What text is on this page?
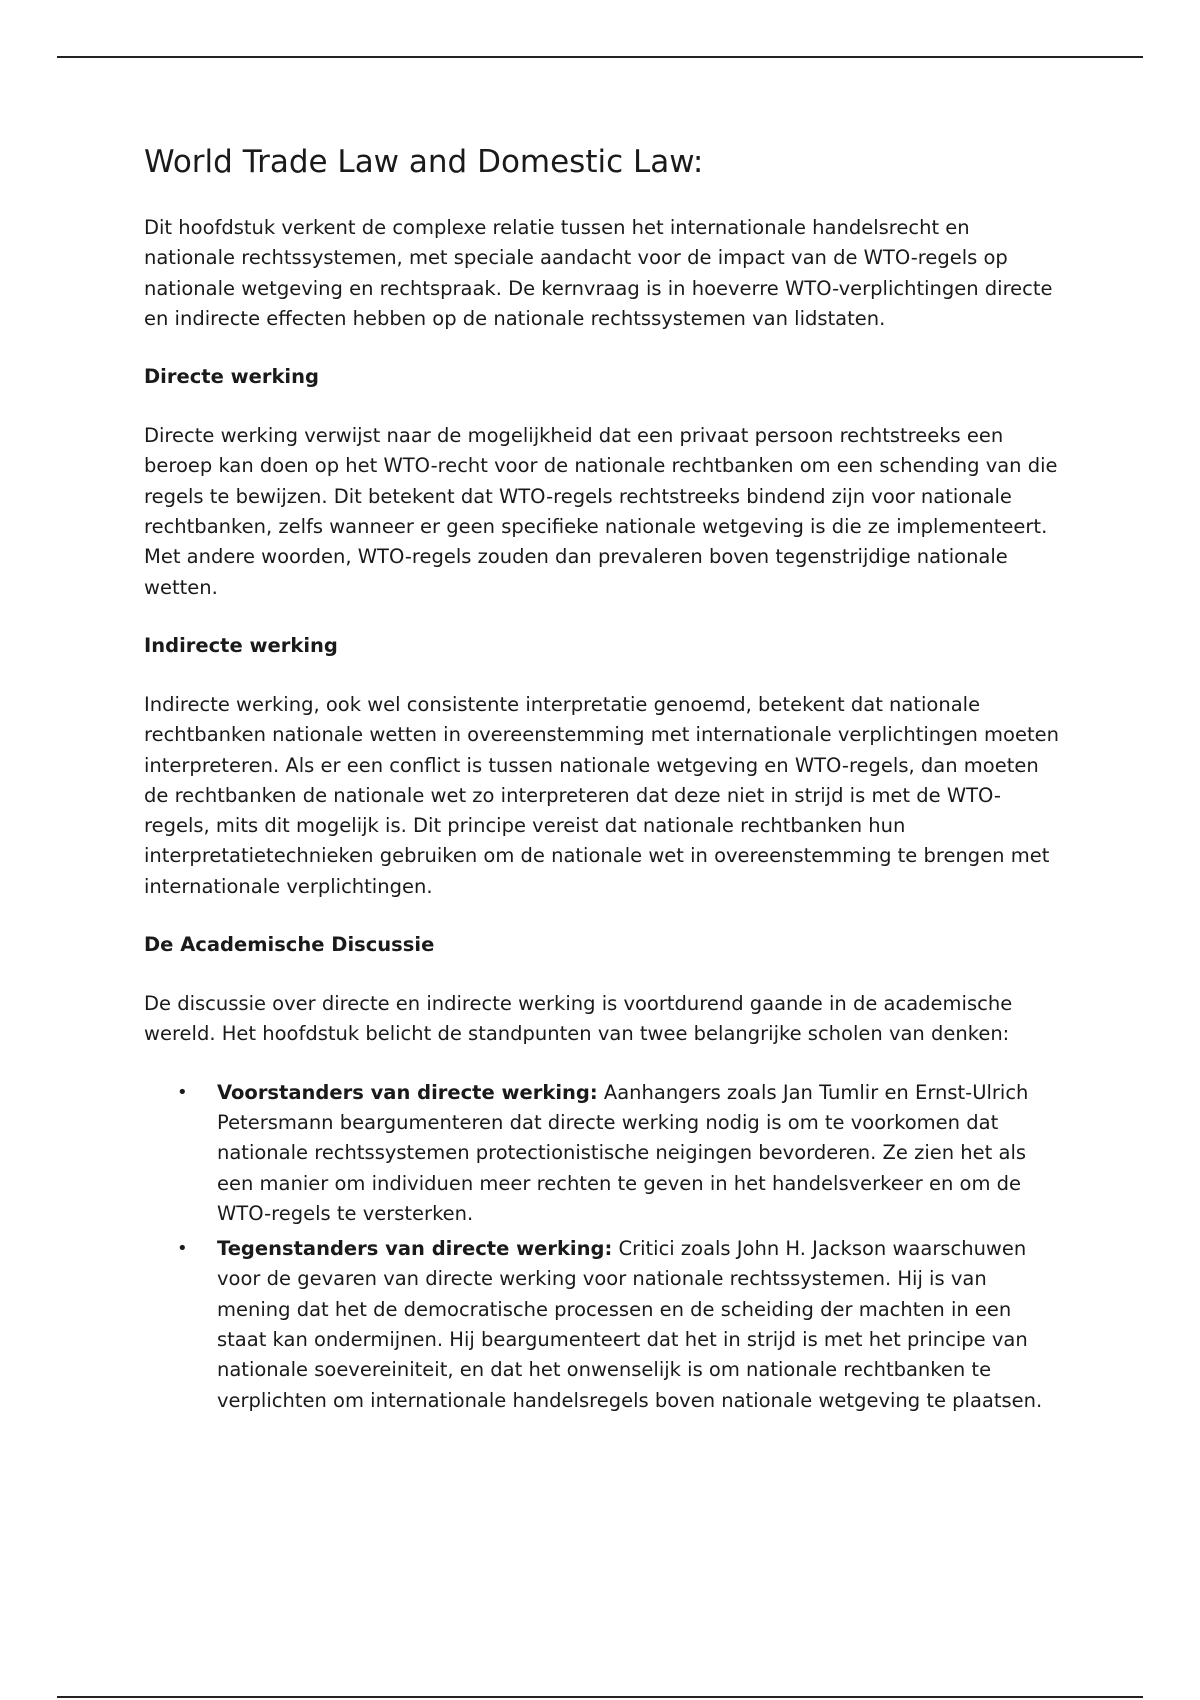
World Trade Law and Domestic Law:

Dit hoofdstuk verkent de complexe relatie tussen het internationale handelsrecht en nationale rechtssystemen, met speciale aandacht voor de impact van de WTO-regels op nationale wetgeving en rechtspraak. De kernvraag is in hoeverre WTO-verplichtingen directe en indirecte effecten hebben op de nationale rechtssystemen van lidstaten.

Directe werking

Directe werking verwijst naar de mogelijkheid dat een privaat persoon rechtstreeks een beroep kan doen op het WTO-recht voor de nationale rechtbanken om een schending van die regels te bewijzen. Dit betekent dat WTO-regels rechtstreeks bindend zijn voor nationale rechtbanken, zelfs wanneer er geen specifieke nationale wetgeving is die ze implementeert. Met andere woorden, WTO-regels zouden dan prevaleren boven tegenstrijdige nationale wetten.

Indirecte werking

Indirecte werking, ook wel consistente interpretatie genoemd, betekent dat nationale rechtbanken nationale wetten in overeenstemming met internationale verplichtingen moeten interpreteren. Als er een conflict is tussen nationale wetgeving en WTO-regels, dan moeten de rechtbanken de nationale wet zo interpreteren dat deze niet in strijd is met de WTO-regels, mits dit mogelijk is. Dit principe vereist dat nationale rechtbanken hun interpretatietechnieken gebruiken om de nationale wet in overeenstemming te brengen met internationale verplichtingen.

De Academische Discussie

De discussie over directe en indirecte werking is voortdurend gaande in de academische wereld. Het hoofdstuk belicht de standpunten van twee belangrijke scholen van denken:

• Voorstanders van directe werking: Aanhangers zoals Jan Tumlir en Ernst-Ulrich Petersmann beargumenteren dat directe werking nodig is om te voorkomen dat nationale rechtssystemen protectionistische neigingen bevorderen. Ze zien het als een manier om individuen meer rechten te geven in het handelsverkeer en om de WTO-regels te versterken.
• Tegenstanders van directe werking: Critici zoals John H. Jackson waarschuwen voor de gevaren van directe werking voor nationale rechtssystemen. Hij is van mening dat het de democratische processen en de scheiding der machten in een staat kan ondermijnen. Hij beargumenteert dat het in strijd is met het principe van nationale soevereiniteit, en dat het onwenselijk is om nationale rechtbanken te verplichten om internationale handelsregels boven nationale wetgeving te plaatsen.
